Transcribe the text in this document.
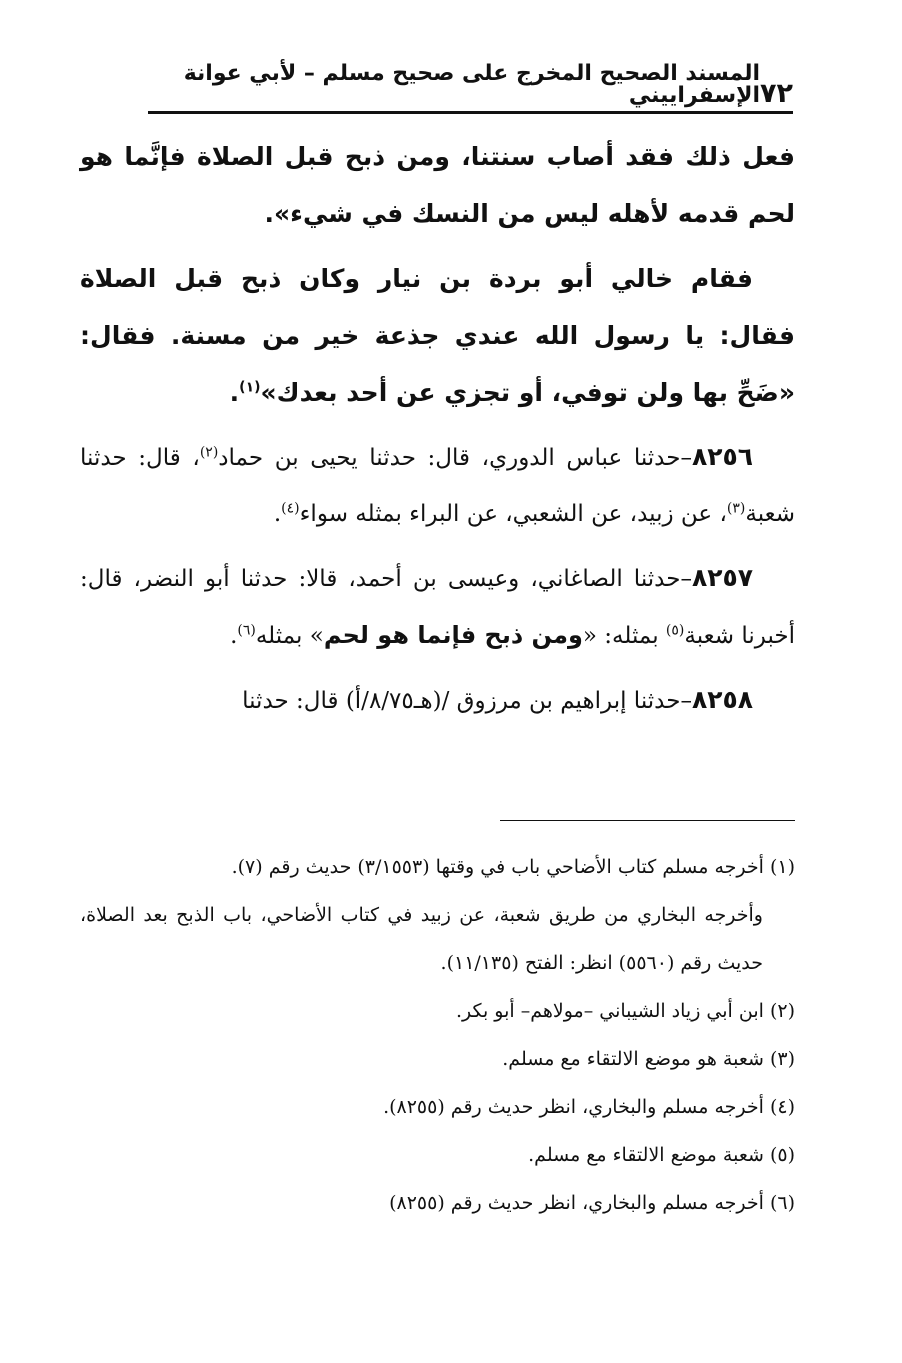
٧٢
المسند الصحيح المخرج على صحيح مسلم – لأبي عوانة الإسفراييني

فعل ذلك فقد أصاب سنتنا، ومن ذبح قبل الصلاة فإنَّما هو لحم قدمه لأهله ليس من النسك في شيء».

فقام خالي أبو بردة بن نيار وكان ذبح قبل الصلاة فقال: يا رسول الله عندي جذعة خير من مسنة. فقال: «ضَحِّ بها ولن توفي، أو تجزي عن أحد بعدك»$^{(١)}$.

٨٢٥٦–حدثنا عباس الدوري، قال: حدثنا يحيى بن حماد$^{(٢)}$، قال: حدثنا شعبة$^{(٣)}$، عن زبيد، عن الشعبي، عن البراء بمثله سواء$^{(٤)}$.

٨٢٥٧–حدثنا الصاغاني، وعيسى بن أحمد، قالا: حدثنا أبو النضر، قال: أخبرنا شعبة$^{(٥)}$ بمثله: «ومن ذبح فإنما هو لحم» بمثله$^{(٦)}$.

٨٢٥٨–حدثنا إبراهيم بن مرزوق /(هـ٨/٧٥/أ) قال: حدثنا

(١) أخرجه مسلم كتاب الأضاحي باب في وقتها (٣/١٥٥٣) حديث رقم (٧).

وأخرجه البخاري من طريق شعبة، عن زبيد في كتاب الأضاحي، باب الذبح بعد الصلاة، حديث رقم (٥٥٦٠) انظر: الفتح (١١/١٣٥).

(٢) ابن أبي زياد الشيباني –مولاهم– أبو بكر.

(٣) شعبة هو موضع الالتقاء مع مسلم.

(٤) أخرجه مسلم والبخاري، انظر حديث رقم (٨٢٥٥).

(٥) شعبة موضع الالتقاء مع مسلم.

(٦) أخرجه مسلم والبخاري، انظر حديث رقم (٨٢٥٥)
